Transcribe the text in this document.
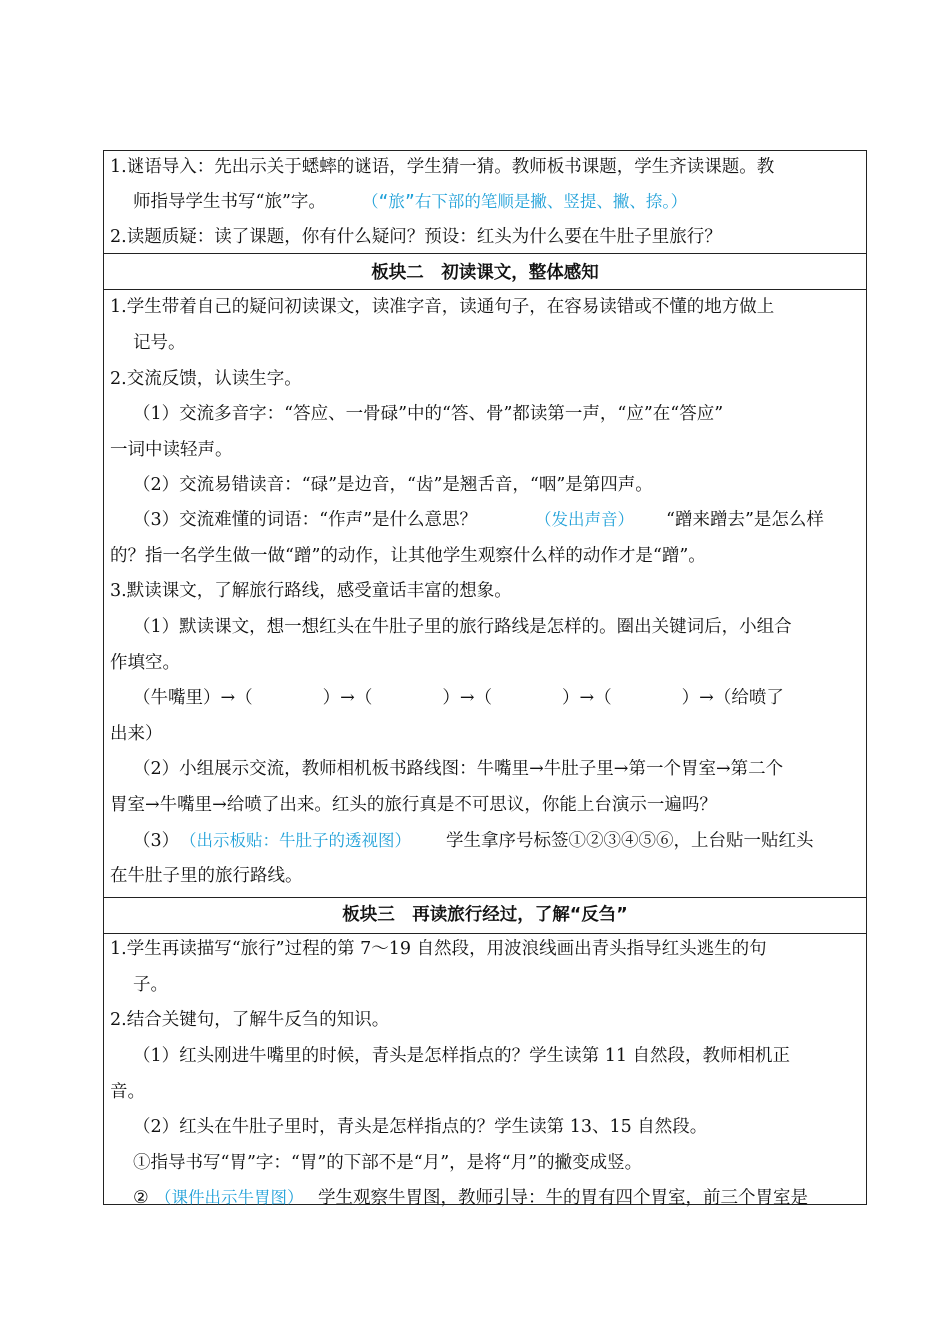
1.谜语导入：先出示关于蟋蟀的谜语，学生猜一猜。教师板书课题，学生齐读课题。教
师指导学生书写“旅”字。 （“旅”右下部的笔顺是撇、竖提、撇、捺。）
2.读题质疑：读了课题，你有什么疑问？预设：红头为什么要在牛肚子里旅行？
板块二　初读课文，整体感知
1.学生带着自己的疑问初读课文，读准字音，读通句子，在容易读错或不懂的地方做上
记号。
2.交流反馈，认读生字。
（1）交流多音字：“答应、一骨碌”中的“答、骨”都读第一声，“应”在“答应”
一词中读轻声。
（2）交流易错读音：“碌”是边音，“齿”是翘舌音，“咽”是第四声。
（3）交流难懂的词语：“作声”是什么意思？	（发出声音） “蹭来蹭去”是怎么样
的？指一名学生做一做“蹭”的动作，让其他学生观察什么样的动作才是“蹭”。
3.默读课文，了解旅行路线，感受童话丰富的想象。
（1）默读课文，想一想红头在牛肚子里的旅行路线是怎样的。圈出关键词后，小组合
作填空。
（牛嘴里）→（　　　　）→（　　　　）→（　　　　）→（　　　　）→（给喷了
出来）
（2）小组展示交流，教师相机板书路线图：牛嘴里→牛肚子里→第一个胃室→第二个
胃室→牛嘴里→给喷了出来。红头的旅行真是不可思议，你能上台演示一遍吗？
（3） （出示板贴：牛肚子的透视图） 学生拿序号标签①②③④⑤⑥，上台贴一贴红头
在牛肚子里的旅行路线。
板块三　再读旅行经过，了解“反刍”
1.学生再读描写“旅行”过程的第 7～19 自然段，用波浪线画出青头指导红头逃生的句
子。
2.结合关键句，了解牛反刍的知识。
（1）红头刚进牛嘴里的时候，青头是怎样指点的？学生读第 11 自然段，教师相机正
音。
（2）红头在牛肚子里时，青头是怎样指点的？学生读第 13、15 自然段。
①指导书写“胃”字：“胃”的下部不是“月”，是将“月”的撇变成竖。
② （课件出示牛胃图） 学生观察牛胃图，教师引导：牛的胃有四个胃室，前三个胃室是
